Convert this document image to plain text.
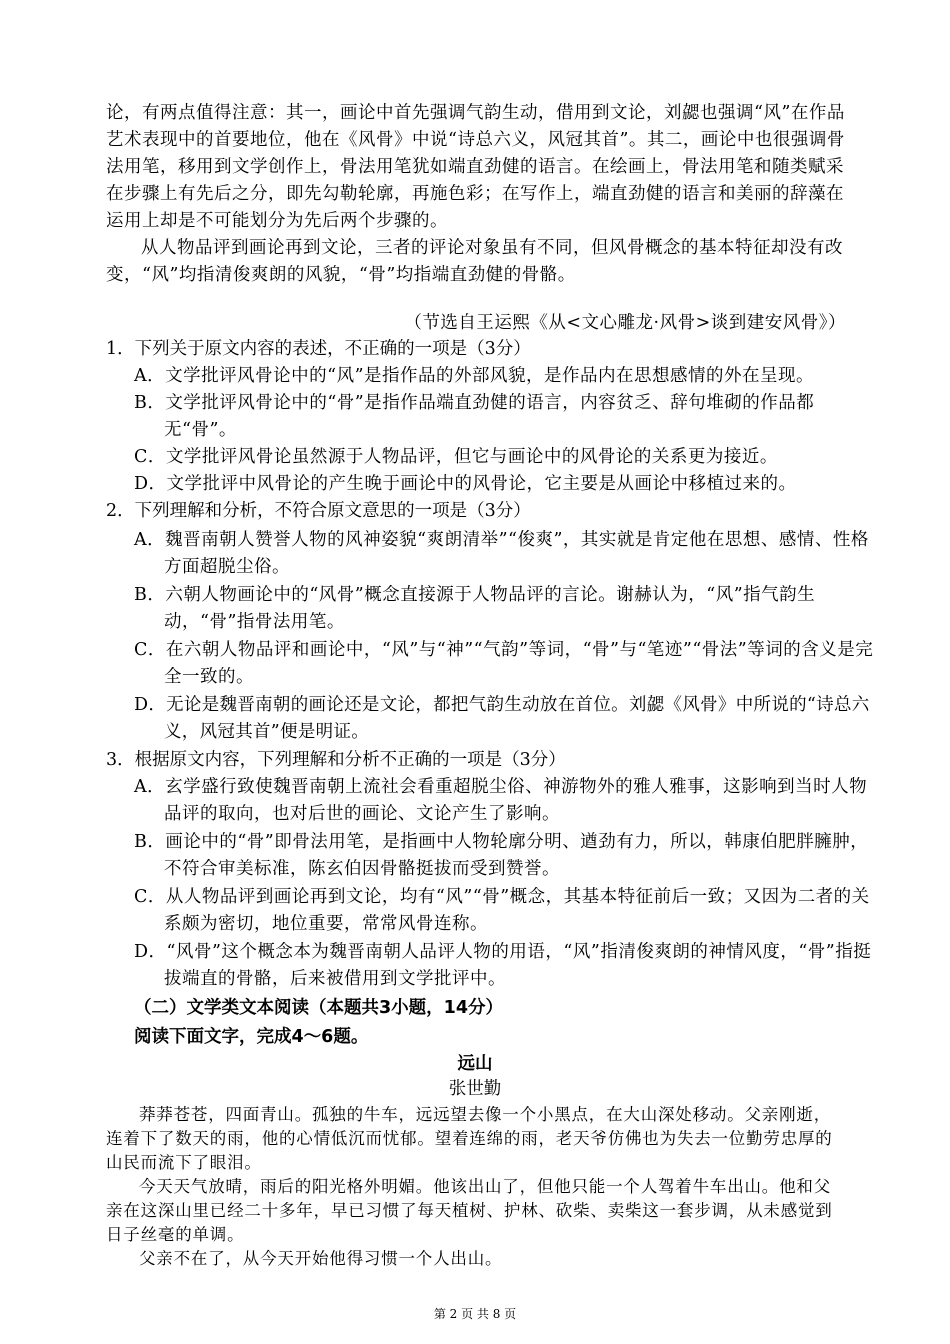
论，有两点值得注意：其一，画论中首先强调气韵生动，借用到文论，刘勰也强调“风”在作品艺术表现中的首要地位，他在《风骨》中说“诗总六义，风冠其首”。其二，画论中也很强调骨法用笔，移用到文学创作上，骨法用笔犹如端直劲健的语言。在绘画上，骨法用笔和随类赋采在步骤上有先后之分，即先勾勒轮廓，再施色彩；在写作上，端直劲健的语言和美丽的辞藻在运用上却是不可能划分为先后两个步骤的。
从人物品评到画论再到文论，三者的评论对象虽有不同，但风骨概念的基本特征却没有改变，“风”均指清俊爽朗的风貌，“骨”均指端直劲健的骨骼。
（节选自王运熙《从<文心雕龙·风骨>谈到建安风骨》）
1．下列关于原文内容的表述，不正确的一项是（3分）
A．文学批评风骨论中的“风”是指作品的外部风貌，是作品内在思想感情的外在呈现。
B．文学批评风骨论中的“骨”是指作品端直劲健的语言，内容贫乏、辞句堆砌的作品都无“骨”。
C．文学批评风骨论虽然源于人物品评，但它与画论中的风骨论的关系更为接近。
D．文学批评中风骨论的产生晚于画论中的风骨论，它主要是从画论中移植过来的。
2．下列理解和分析，不符合原文意思的一项是（3分）
A．魏晋南朝人赞誉人物的风神姿貌“爽朗清举”“俊爽”，其实就是肯定他在思想、感情、性格方面超脱尘俗。
B．六朝人物画论中的“风骨”概念直接源于人物品评的言论。谢赫认为，“风”指气韵生动，“骨”指骨法用笔。
C．在六朝人物品评和画论中，“风”与“神”“气韵”等词，“骨”与“笔迹”“骨法”等词的含义是完全一致的。
D．无论是魏晋南朝的画论还是文论，都把气韵生动放在首位。刘勰《风骨》中所说的“诗总六义，风冠其首”便是明证。
3．根据原文内容，下列理解和分析不正确的一项是（3分）
A．玄学盛行致使魏晋南朝上流社会看重超脱尘俗、神游物外的雅人雅事，这影响到当时人物品评的取向，也对后世的画论、文论产生了影响。
B．画论中的“骨”即骨法用笔，是指画中人物轮廓分明、遒劲有力，所以，韩康伯肥胖臃肿，不符合审美标准，陈玄伯因骨骼挺拔而受到赞誉。
C．从人物品评到画论再到文论，均有“风”“骨”概念，其基本特征前后一致；又因为二者的关系颇为密切，地位重要，常常风骨连称。
D．“风骨”这个概念本为魏晋南朝人品评人物的用语，“风”指清俊爽朗的神情风度，“骨”指挺拔端直的骨骼，后来被借用到文学批评中。
（二）文学类文本阅读（本题共3小题，14分）
阅读下面文字，完成4～6题。
远山
张世勤
莽莽苍苍，四面青山。孤独的牛车，远远望去像一个小黑点，在大山深处移动。父亲刚逝，连着下了数天的雨，他的心情低沉而忧郁。望着连绵的雨，老天爷仿佛也为失去一位勤劳忠厚的山民而流下了眼泪。
今天天气放晴，雨后的阳光格外明媚。他该出山了，但他只能一个人驾着牛车出山。他和父亲在这深山里已经二十多年，早已习惯了每天植树、护林、砍柴、卖柴这一套步调，从未感觉到日子丝毫的单调。
父亲不在了，从今天开始他得习惯一个人出山。
第 2 页 共 8 页
